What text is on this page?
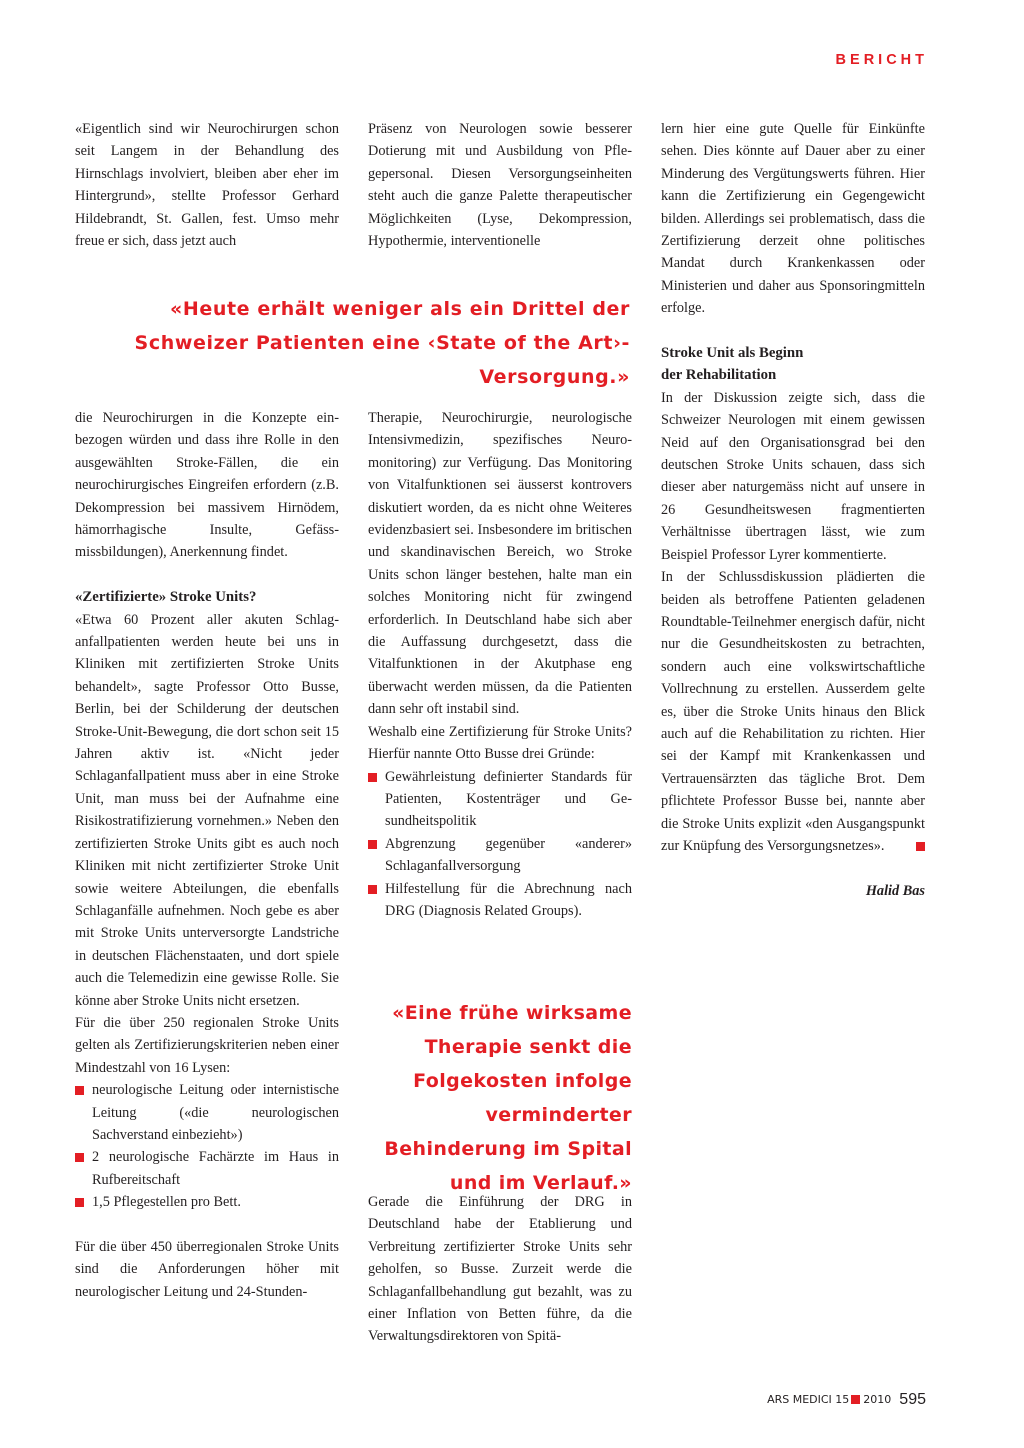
BERICHT

«Eigentlich sind wir Neurochirurgen schon seit Langem in der Behandlung des Hirnschlags involviert, bleiben aber eher im Hintergrund», stellte Professor Gerhard Hildebrandt, St. Gallen, fest. Umso mehr freue er sich, dass jetzt auch

Präsenz von Neurologen sowie besserer Dotierung mit und Ausbildung von Pflegepersonal. Diesen Versorgungseinheiten steht auch die ganze Palette therapeutischer Möglichkeiten (Lyse, Dekompression, Hypothermie, interventionelle

«Heute erhält weniger als ein Drittel der Schweizer Patienten eine ‹State of the Art›-Versorgung.»

die Neurochirurgen in die Konzepte einbezogen würden und dass ihre Rolle in den ausgewählten Stroke-Fällen, die ein neurochirurgisches Eingreifen erfordern (z.B. Dekompression bei massivem Hirnödem, hämorrhagische Insulte, Gefässmissbildungen), Anerkennung findet.

«Zertifizierte» Stroke Units?

«Etwa 60 Prozent aller akuten Schlaganfallpatienten werden heute bei uns in Kliniken mit zertifizierten Stroke Units behandelt», sagte Professor Otto Busse, Berlin, bei der Schilderung der deutschen Stroke-Unit-Bewegung, die dort schon seit 15 Jahren aktiv ist. «Nicht jeder Schlaganfallpatient muss aber in eine Stroke Unit, man muss bei der Aufnahme eine Risikostratifizierung vornehmen.» Neben den zertifizierten Stroke Units gibt es auch noch Kliniken mit nicht zertifizierter Stroke Unit sowie weitere Abteilungen, die ebenfalls Schlaganfälle aufnehmen. Noch gebe es aber mit Stroke Units unterversorgte Landstriche in deutschen Flächenstaaten, und dort spiele auch die Telemedizin eine gewisse Rolle. Sie könne aber Stroke Units nicht ersetzen.

Für die über 250 regionalen Stroke Units gelten als Zertifizierungskriterien neben einer Mindestzahl von 16 Lysen:

neurologische Leitung oder internistische Leitung («die neurologischen Sachverstand einbezieht»)
2 neurologische Fachärzte im Haus in Rufbereitschaft
1,5 Pflegestellen pro Bett.

Für die über 450 überregionalen Stroke Units sind die Anforderungen höher mit neurologischer Leitung und 24-Stunden-

Therapie, Neurochirurgie, neurologische Intensivmedizin, spezifisches Neuromonitoring) zur Verfügung. Das Monitoring von Vitalfunktionen sei äusserst kontrovers diskutiert worden, da es nicht ohne Weiteres evidenzbasiert sei. Insbesondere im britischen und skandinavischen Bereich, wo Stroke Units schon länger bestehen, halte man ein solches Monitoring nicht für zwingend erforderlich. In Deutschland habe sich aber die Auffassung durchgesetzt, dass die Vitalfunktionen in der Akutphase eng überwacht werden müssen, da die Patienten dann sehr oft instabil sind.

Weshalb eine Zertifizierung für Stroke Units? Hierfür nannte Otto Busse drei Gründe:

Gewährleistung definierter Standards für Patienten, Kostenträger und Gesundheitspolitik
Abgrenzung gegenüber «anderer» Schlaganfallversorgung
Hilfestellung für die Abrechnung nach DRG (Diagnosis Related Groups).
«Eine frühe wirksame Therapie senkt die Folgekosten infolge verminderter Behinderung im Spital und im Verlauf.»

Gerade die Einführung der DRG in Deutschland habe der Etablierung und Verbreitung zertifizierter Stroke Units sehr geholfen, so Busse. Zurzeit werde die Schlaganfallbehandlung gut bezahlt, was zu einer Inflation von Betten führe, da die Verwaltungsdirektoren von Spitä-

lern hier eine gute Quelle für Einkünfte sehen. Dies könnte auf Dauer aber zu einer Minderung des Vergütungswerts führen. Hier kann die Zertifizierung ein Gegengewicht bilden. Allerdings sei problematisch, dass die Zertifizierung derzeit ohne politisches Mandat durch Krankenkassen oder Ministerien und daher aus Sponsoringmitteln erfolge.

Stroke Unit als Beginn
der Rehabilitation

In der Diskussion zeigte sich, dass die Schweizer Neurologen mit einem gewissen Neid auf den Organisationsgrad bei den deutschen Stroke Units schauen, dass sich dieser aber naturgemäss nicht auf unsere in 26 Gesundheitswesen fragmentierten Verhältnisse übertragen lässt, wie zum Beispiel Professor Lyrer kommentierte.

In der Schlussdiskussion plädierten die beiden als betroffene Patienten geladenen Roundtable-Teilnehmer energisch dafür, nicht nur die Gesundheitskosten zu betrachten, sondern auch eine volkswirtschaftliche Vollrechnung zu erstellen. Ausserdem gelte es, über die Stroke Units hinaus den Blick auch auf die Rehabilitation zu richten. Hier sei der Kampf mit Krankenkassen und Vertrauensärzten das tägliche Brot. Dem pflichtete Professor Busse bei, nannte aber die Stroke Units explizit «den Ausgangspunkt zur Knüpfung des Versorgungsnetzes».

Halid Bas

ARS MEDICI 15 2010 595
